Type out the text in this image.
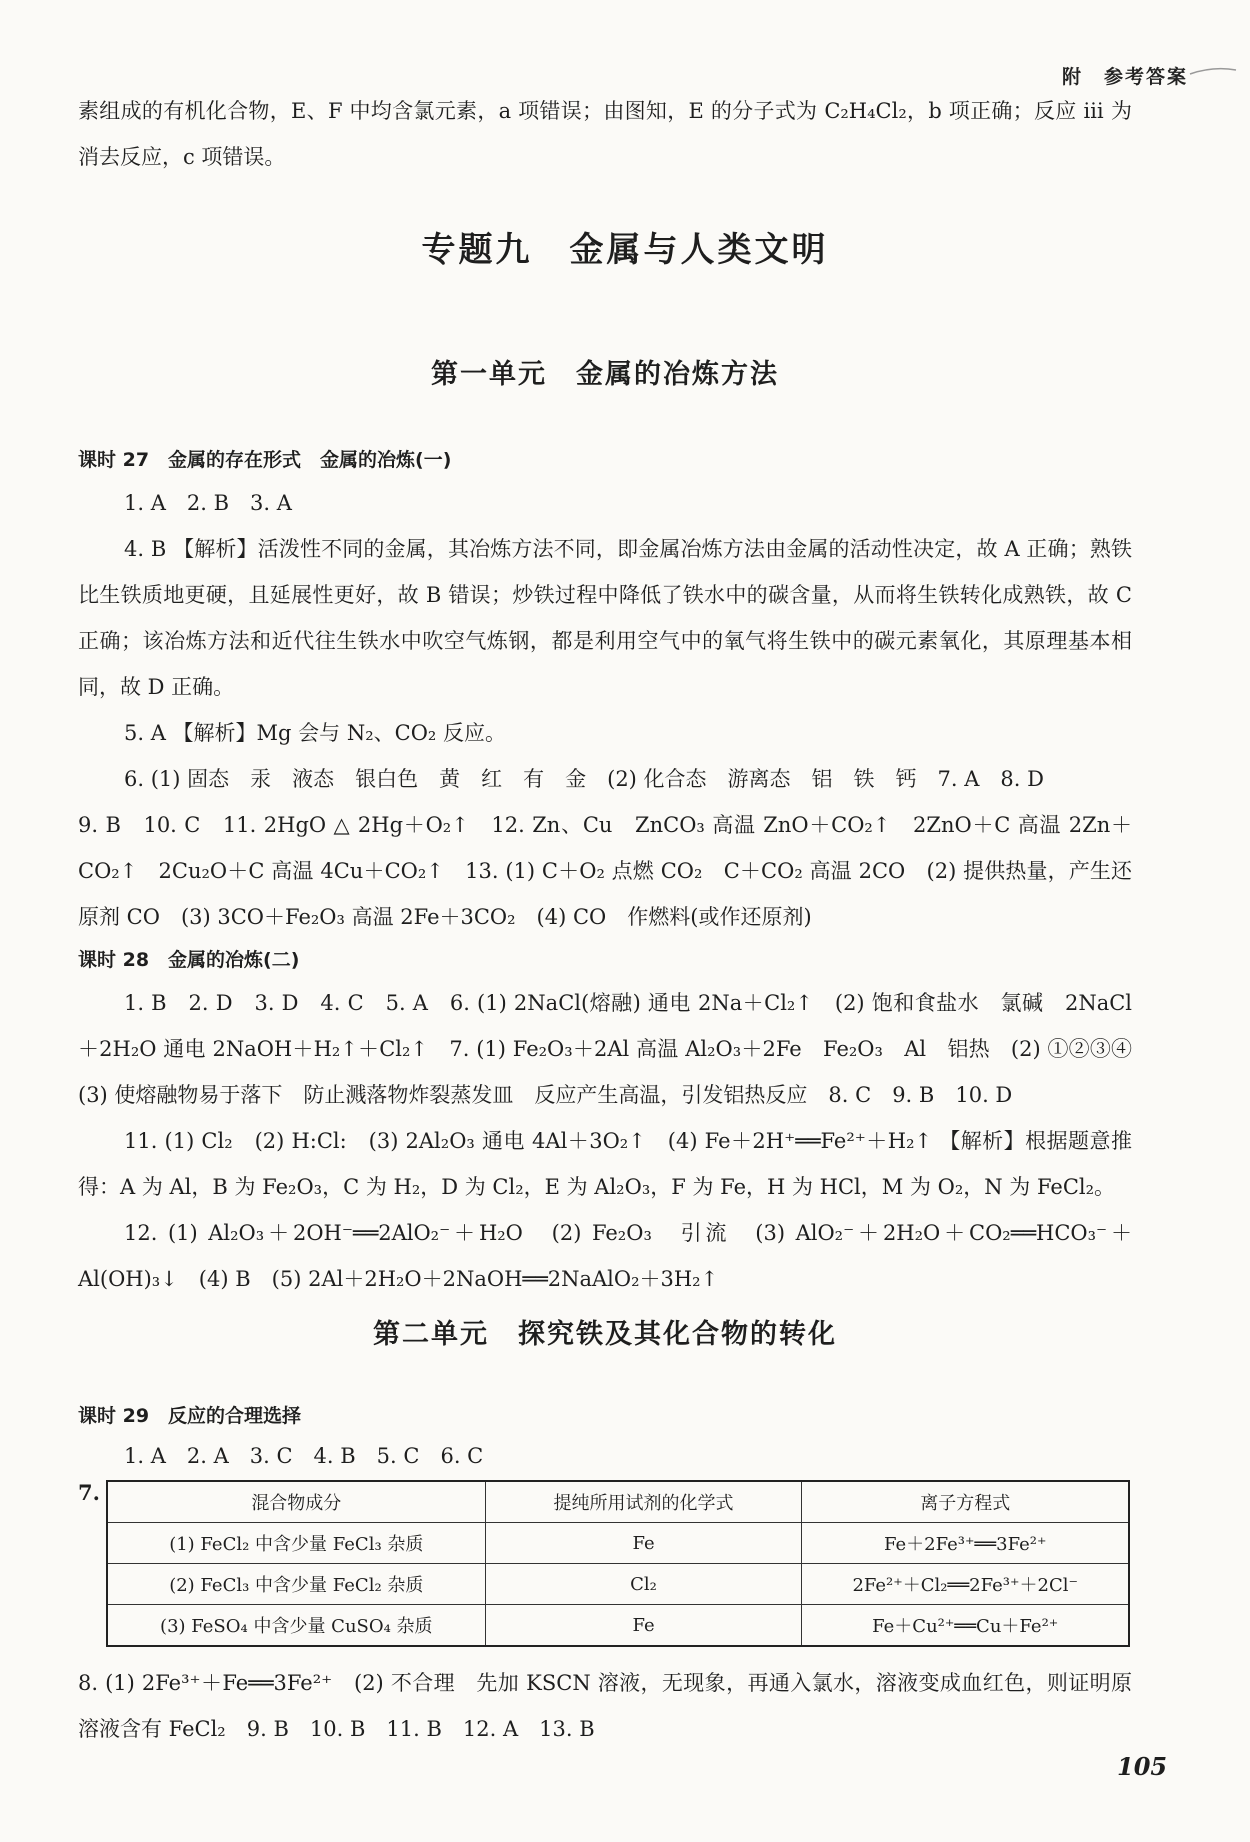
附　参考答案

素组成的有机化合物，E、F 中均含氯元素，a 项错误；由图知，E 的分子式为 C₂H₄Cl₂，b 项正确；反应 ⅲ 为消去反应，c 项错误。

专题九　金属与人类文明
第一单元　金属的冶炼方法
课时 27　金属的存在形式　金属的冶炼(一)

1. A　2. B　3. A

4. B 【解析】活泼性不同的金属，其冶炼方法不同，即金属冶炼方法由金属的活动性决定，故 A 正确；熟铁比生铁质地更硬，且延展性更好，故 B 错误；炒铁过程中降低了铁水中的碳含量，从而将生铁转化成熟铁，故 C 正确；该冶炼方法和近代往生铁水中吹空气炼钢，都是利用空气中的氧气将生铁中的碳元素氧化，其原理基本相同，故 D 正确。

5. A 【解析】Mg 会与 N₂、CO₂ 反应。

6. (1) 固态　汞　液态　银白色　黄　红　有　金　(2) 化合态　游离态　铝　铁　钙　7. A　8. D

9. B　10. C　11. 2HgO △ 2Hg＋O₂↑　12. Zn、Cu　ZnCO₃ 高温 ZnO＋CO₂↑　2ZnO＋C 高温 2Zn＋CO₂↑　2Cu₂O＋C 高温 4Cu＋CO₂↑　13. (1) C＋O₂ 点燃 CO₂　C＋CO₂ 高温 2CO　(2) 提供热量，产生还原剂 CO　(3) 3CO＋Fe₂O₃ 高温 2Fe＋3CO₂　(4) CO　作燃料(或作还原剂)

课时 28　金属的冶炼(二)

1. B　2. D　3. D　4. C　5. A　6. (1) 2NaCl(熔融) 通电 2Na＋Cl₂↑　(2) 饱和食盐水　氯碱　2NaCl＋2H₂O 通电 2NaOH＋H₂↑＋Cl₂↑　7. (1) Fe₂O₃＋2Al 高温 Al₂O₃＋2Fe　Fe₂O₃　Al　铝热　(2) ①②③④　(3) 使熔融物易于落下　防止溅落物炸裂蒸发皿　反应产生高温，引发铝热反应　8. C　9. B　10. D

11. (1) Cl₂　(2) H:Cl:　(3) 2Al₂O₃ 通电 4Al＋3O₂↑　(4) Fe＋2H⁺══Fe²⁺＋H₂↑ 【解析】根据题意推得：A 为 Al，B 为 Fe₂O₃，C 为 H₂，D 为 Cl₂，E 为 Al₂O₃，F 为 Fe，H 为 HCl，M 为 O₂，N 为 FeCl₂。

12. (1) Al₂O₃＋2OH⁻══2AlO₂⁻＋H₂O　(2) Fe₂O₃　引流　(3) AlO₂⁻＋2H₂O＋CO₂══HCO₃⁻＋Al(OH)₃↓　(4) B　(5) 2Al＋2H₂O＋2NaOH══2NaAlO₂＋3H₂↑

第二单元　探究铁及其化合物的转化
课时 29　反应的合理选择

1. A　2. A　3. C　4. B　5. C　6. C

7.	混合物成分	提纯所用试剂的化学式	离子方程式
(1) FeCl₂ 中含少量 FeCl₃ 杂质	Fe	Fe＋2Fe³⁺══3Fe²⁺
(2) FeCl₃ 中含少量 FeCl₂ 杂质	Cl₂	2Fe²⁺＋Cl₂══2Fe³⁺＋2Cl⁻
(3) FeSO₄ 中含少量 CuSO₄ 杂质	Fe	Fe＋Cu²⁺══Cu＋Fe²⁺

8. (1) 2Fe³⁺＋Fe══3Fe²⁺　(2) 不合理　先加 KSCN 溶液，无现象，再通入氯水，溶液变成血红色，则证明原溶液含有 FeCl₂　9. B　10. B　11. B　12. A　13. B

105
